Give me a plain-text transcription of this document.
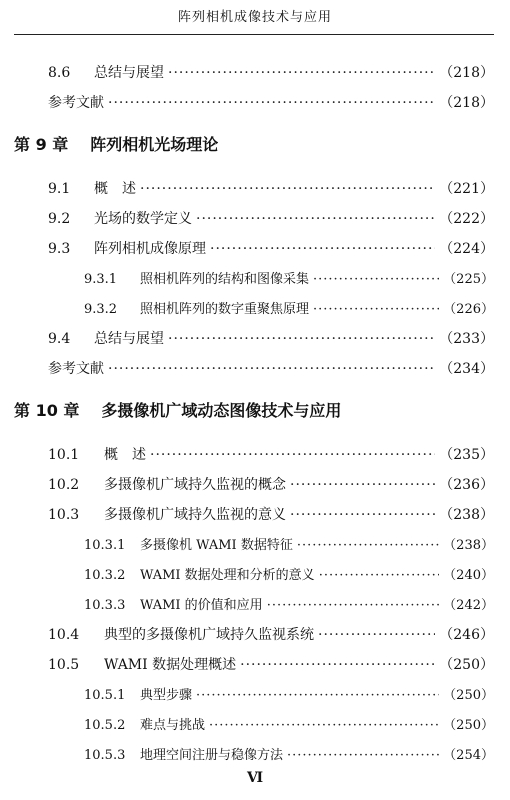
阵列相机成像技术与应用
8.6	总结与展望 ·····	（218）
参考文献 ·····	（218）
第 9 章 阵列相机光场理论
9.1	概　述 ·····	（221）
9.2	光场的数学定义 ·····	（222）
9.3	阵列相机成像原理 ·····	（224）
9.3.1	照相机阵列的结构和图像采集 ·····	（225）
9.3.2	照相机阵列的数字重聚焦原理 ·····	（226）
9.4	总结与展望 ·····	（233）
参考文献 ·····	（234）
第 10 章 多摄像机广域动态图像技术与应用
10.1	概　述 ·····	（235）
10.2	多摄像机广域持久监视的概念 ·····	（236）
10.3	多摄像机广域持久监视的意义 ·····	（238）
10.3.1	多摄像机 WAMI 数据特征 ·····	（238）
10.3.2	WAMI 数据处理和分析的意义 ·····	（240）
10.3.3	WAMI 的价值和应用 ·····	（242）
10.4	典型的多摄像机广域持久监视系统 ·····	（246）
10.5	WAMI 数据处理概述 ·····	（250）
10.5.1	典型步骤 ·····	（250）
10.5.2	难点与挑战 ·····	（250）
10.5.3	地理空间注册与稳像方法 ·····	（254）
Ⅵ
